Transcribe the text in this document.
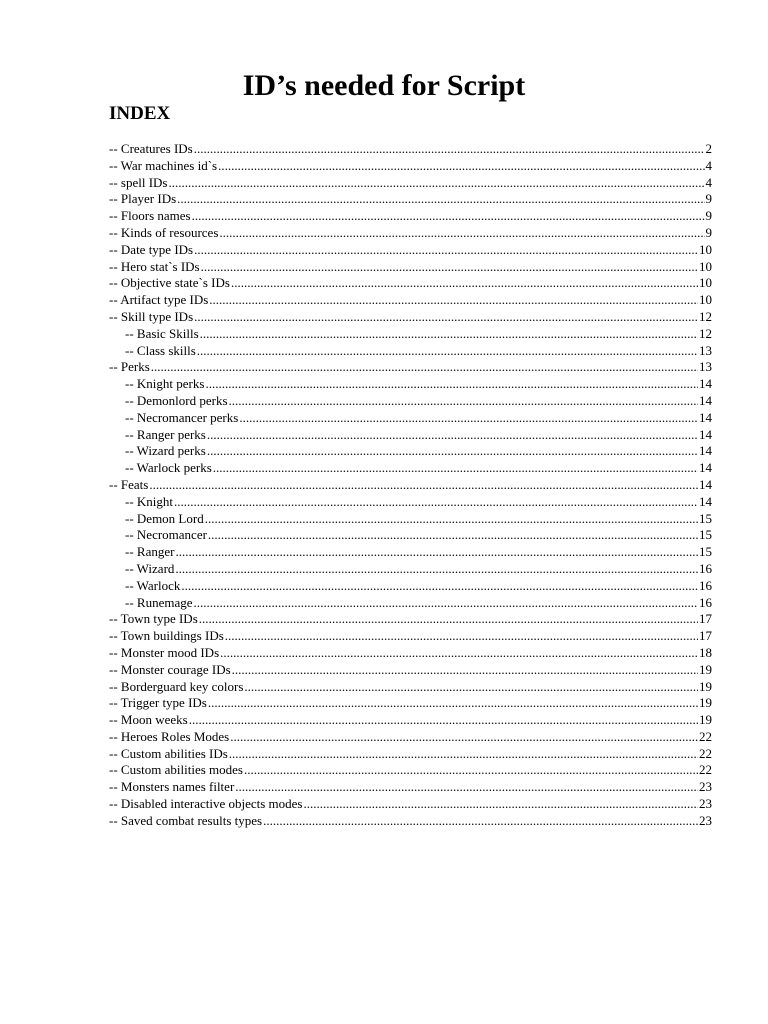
ID’s needed for Script
INDEX
-- Creatures IDs .....	2
-- War machines id`s .....	4
-- spell IDs .....	4
-- Player IDs .....	9
-- Floors names .....	9
-- Kinds of resources .....	9
-- Date type IDs .....	10
-- Hero stat`s IDs .....	10
-- Objective state`s IDs .....	10
-- Artifact type IDs .....	10
-- Skill type IDs .....	12
-- Basic Skills .....	12
-- Class skills .....	13
-- Perks .....	13
-- Knight perks .....	14
-- Demonlord perks .....	14
-- Necromancer perks .....	14
-- Ranger perks .....	14
-- Wizard perks .....	14
-- Warlock perks .....	14
-- Feats .....	14
-- Knight .....	14
-- Demon Lord .....	15
-- Necromancer .....	15
-- Ranger .....	15
-- Wizard .....	16
-- Warlock .....	16
-- Runemage .....	16
-- Town type IDs .....	17
-- Town buildings IDs .....	17
-- Monster mood IDs .....	18
-- Monster courage IDs .....	19
-- Borderguard key colors .....	19
-- Trigger type IDs .....	19
-- Moon weeks .....	19
-- Heroes Roles Modes .....	22
-- Custom abilities IDs .....	22
-- Custom abilities modes .....	22
-- Monsters names filter .....	23
-- Disabled interactive objects modes .....	23
-- Saved combat results types .....	23
